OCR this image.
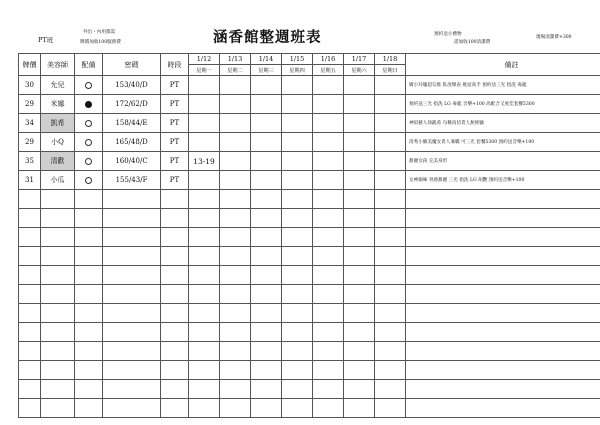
PT班
外出・內用都需
牌價加收100服務費	涵香館整週班表	預約送小禮物
需加收100清潔費
現場清潔費+300
牌價	美容師	配備	密碼	時段	1/12	1/13	1/14	1/15	1/16	1/17	1/18	備註
					星期一	星期二	星期三	星期四	星期五	星期六	星期日	
30	允兒		153/40/D	PT								嬌小玲瓏超勾推 私度爆表 挑逗高手 預約送三光 指洗 毒龍
29	米娜		172/62/D	PT								預約送三光 指洗 LG 毒龍 音樂+100 高配合又度佳套餐5300
34	凱希		158/44/E	PT								神似藝人徐凱希 句稱真切責人無經驗
29	小Q		165/48/D	PT								清秀小臉美魔女責人兼職 可三光 套餐5300 預約送音樂+100
35	清歡		160/40/C	PT	13-19							甜麗女孩 完美身形
31	小瓜		155/43/F	PT								女神韻味 骨感甜麗 三光 指洗 LG 胡艷 預約送音樂+100
